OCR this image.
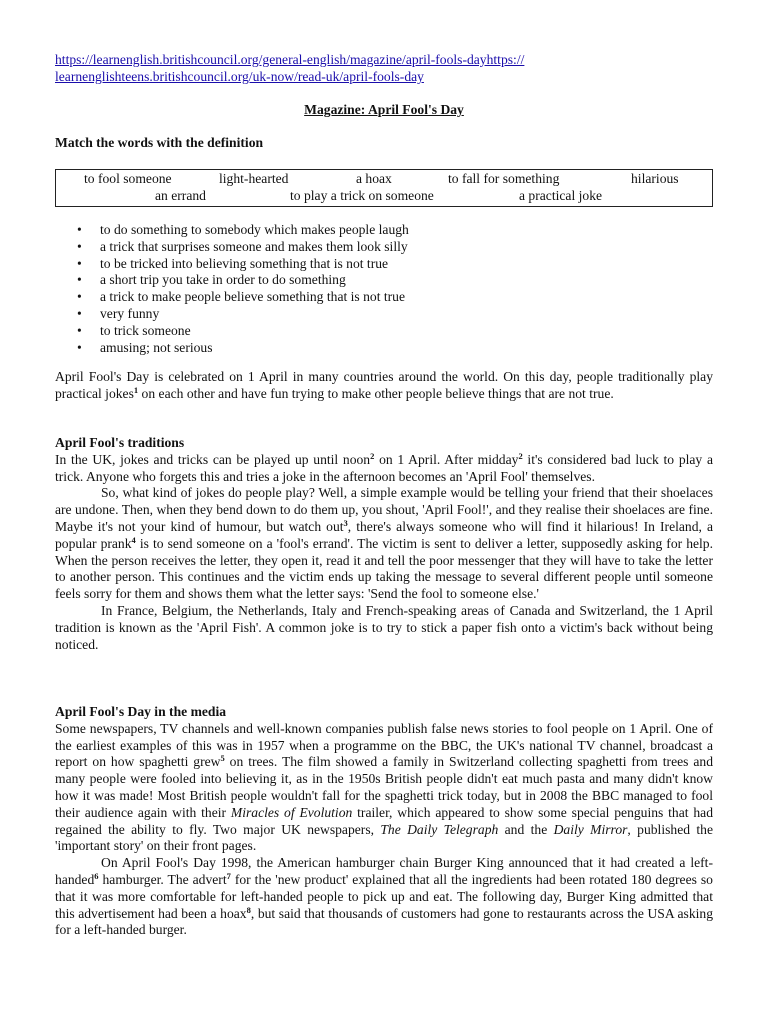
https://learnenglish.britishcouncil.org/general-english/magazine/april-fools-dayhttps://
learnenglishteens.britishcouncil.org/uk-now/read-uk/april-fools-day
Magazine: April Fool's Day
Match the words with the definition
to fool someone	light-hearted	a hoax	to fall for something	hilarious
an errand	to play a trick on someone	a practical joke
• to do something to somebody which makes people laugh
• a trick that surprises someone and makes them look silly
• to be tricked into believing something that is not true
• a short trip you take in order to do something
• a trick to make people believe something that is not true
• very funny
• to trick someone
• amusing; not serious

April Fool's Day is celebrated on 1 April in many countries around the world. On this day, people traditionally play practical jokes$^1$ on each other and have fun trying to make other people believe things that are not true.

April Fool's traditions

In the UK, jokes and tricks can be played up until noon$^2$ on 1 April. After midday$^2$ it's considered bad luck to play a trick. Anyone who forgets this and tries a joke in the afternoon becomes an 'April Fool' themselves.

So, what kind of jokes do people play? Well, a simple example would be telling your friend that their shoelaces are undone. Then, when they bend down to do them up, you shout, 'April Fool!', and they realise their shoelaces are fine. Maybe it's not your kind of humour, but watch out$^3$, there's always someone who will find it hilarious! In Ireland, a popular prank$^4$ is to send someone on a 'fool's errand'. The victim is sent to deliver a letter, supposedly asking for help. When the person receives the letter, they open it, read it and tell the poor messenger that they will have to take the letter to another person. This continues and the victim ends up taking the message to several different people until someone feels sorry for them and shows them what the letter says: 'Send the fool to someone else.'

In France, Belgium, the Netherlands, Italy and French-speaking areas of Canada and Switzerland, the 1 April tradition is known as the 'April Fish'. A common joke is to try to stick a paper fish onto a victim's back without being noticed.

April Fool's Day in the media

Some newspapers, TV channels and well-known companies publish false news stories to fool people on 1 April. One of the earliest examples of this was in 1957 when a programme on the BBC, the UK's national TV channel, broadcast a report on how spaghetti grew$^5$ on trees. The film showed a family in Switzerland collecting spaghetti from trees and many people were fooled into believing it, as in the 1950s British people didn't eat much pasta and many didn't know how it was made! Most British people wouldn't fall for the spaghetti trick today, but in 2008 the BBC managed to fool their audience again with their Miracles of Evolution trailer, which appeared to show some special penguins that had regained the ability to fly. Two major UK newspapers, The Daily Telegraph and the Daily Mirror, published the 'important story' on their front pages.

On April Fool's Day 1998, the American hamburger chain Burger King announced that it had created a left-handed$^6$ hamburger. The advert$^7$ for the 'new product' explained that all the ingredients had been rotated 180 degrees so that it was more comfortable for left-handed people to pick up and eat. The following day, Burger King admitted that this advertisement had been a hoax$^8$, but said that thousands of customers had gone to restaurants across the USA asking for a left-handed burger.
